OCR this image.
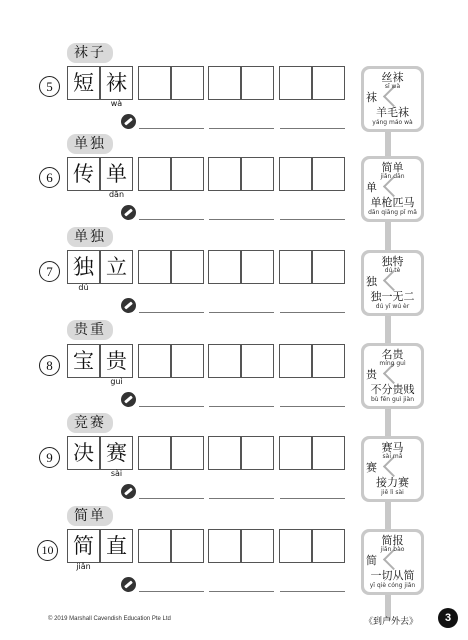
袜子
5 短 袜
wà
丝袜
sī wà
袜
羊毛袜
yáng máo wà
单独
6 传 单
dān
简单
jiǎn dān
单
单枪匹马
dān qiāng pǐ mǎ
单独
7 独 立
dú
独特
dú tè
独
独一无二
dú yī wú èr
贵重
8 宝 贵
guì
名贵
míng guì
贵
不分贵贱
bù fēn guì jiàn
竞赛
9 决 赛
sài
赛马
sài mǎ
赛
接力赛
jiē lì sài
简单
10 简 直
jiǎn
简报
jiǎn bào
简
一切从简
yī qiè cóng jiǎn
© 2019 Marshall Cavendish Education Pte Ltd	《到户外去》	3
